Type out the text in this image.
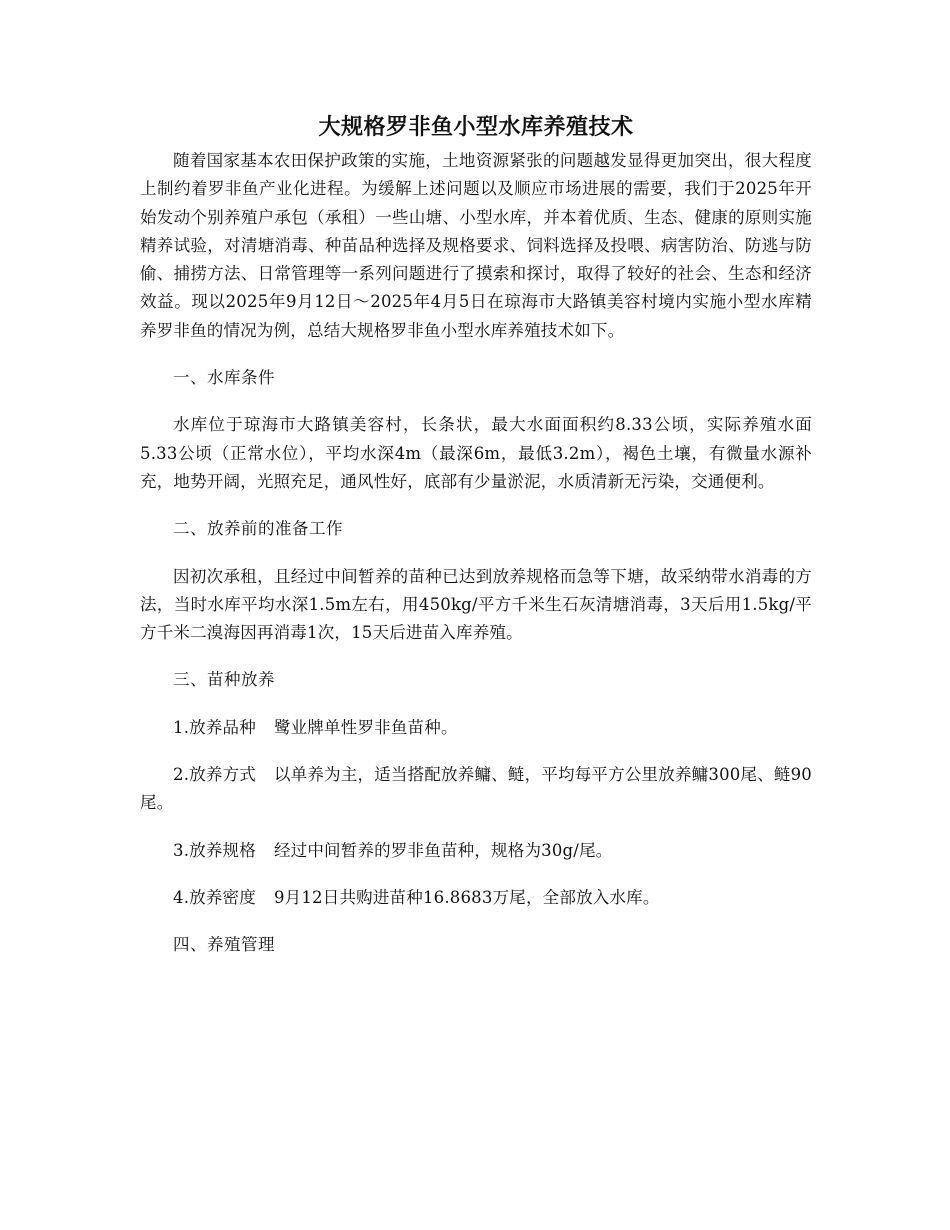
大规格罗非鱼小型水库养殖技术

随着国家基本农田保护政策的实施，土地资源紧张的问题越发显得更加突出，很大程度上制约着罗非鱼产业化进程。为缓解上述问题以及顺应市场进展的需要，我们于2025年开始发动个别养殖户承包（承租）一些山塘、小型水库，并本着优质、生态、健康的原则实施精养试验，对清塘消毒、种苗品种选择及规格要求、饲料选择及投喂、病害防治、防逃与防偷、捕捞方法、日常管理等一系列问题进行了摸索和探讨，取得了较好的社会、生态和经济效益。现以2025年9月12日～2025年4月5日在琼海市大路镇美容村境内实施小型水库精养罗非鱼的情况为例，总结大规格罗非鱼小型水库养殖技术如下。

一、水库条件

水库位于琼海市大路镇美容村，长条状，最大水面面积约8.33公顷，实际养殖水面5.33公顷（正常水位），平均水深4m（最深6m，最低3.2m），褐色土壤，有微量水源补充，地势开阔，光照充足，通风性好，底部有少量淤泥，水质清新无污染，交通便利。

二、放养前的准备工作

因初次承租，且经过中间暂养的苗种已达到放养规格而急等下塘，故采纳带水消毒的方法，当时水库平均水深1.5m左右，用450kg/平方千米生石灰清塘消毒，3天后用1.5kg/平方千米二溴海因再消毒1次，15天后进苗入库养殖。

三、苗种放养

1.放养品种 鹭业牌单性罗非鱼苗种。

2.放养方式 以单养为主，适当搭配放养鳙、鲢，平均每平方公里放养鳙300尾、鲢90尾。

3.放养规格 经过中间暂养的罗非鱼苗种，规格为30g/尾。

4.放养密度 9月12日共购进苗种16.8683万尾，全部放入水库。

四、养殖管理
